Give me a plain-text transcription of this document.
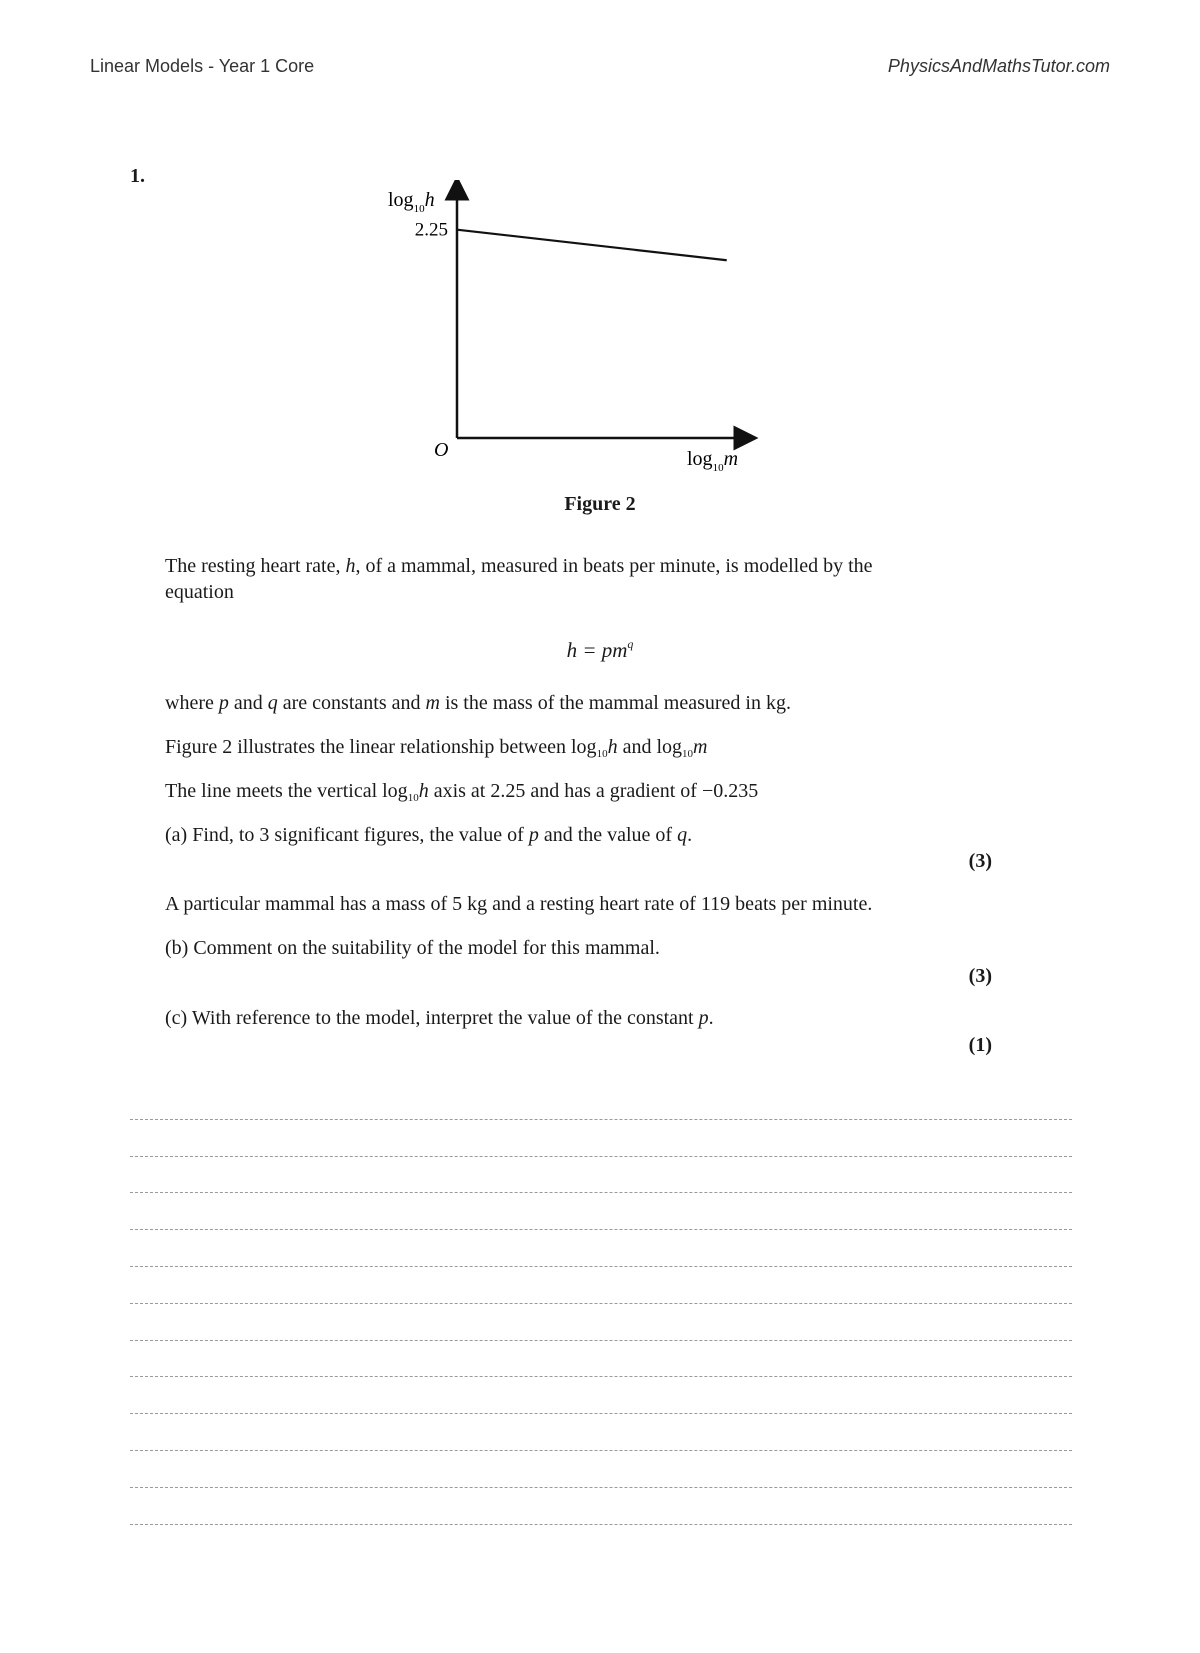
Linear Models - Year 1 Core	PhysicsAndMathsTutor.com
1.
$\log_{10}h$
2.25
O	$\log_{10}m$
Figure 2
The resting heart rate, h, of a mammal, measured in beats per minute, is modelled by the
equation
$h = pm^q$
where p and q are constants and m is the mass of the mammal measured in kg.
Figure 2 illustrates the linear relationship between $\log_{10}h$ and $\log_{10}m$
The line meets the vertical $\log_{10}h$ axis at 2.25 and has a gradient of −0.235
(a) Find, to 3 significant figures, the value of p and the value of q.
(3)
A particular mammal has a mass of 5 kg and a resting heart rate of 119 beats per minute.
(b) Comment on the suitability of the model for this mammal.
(3)
(c) With reference to the model, interpret the value of the constant p.
(1)
